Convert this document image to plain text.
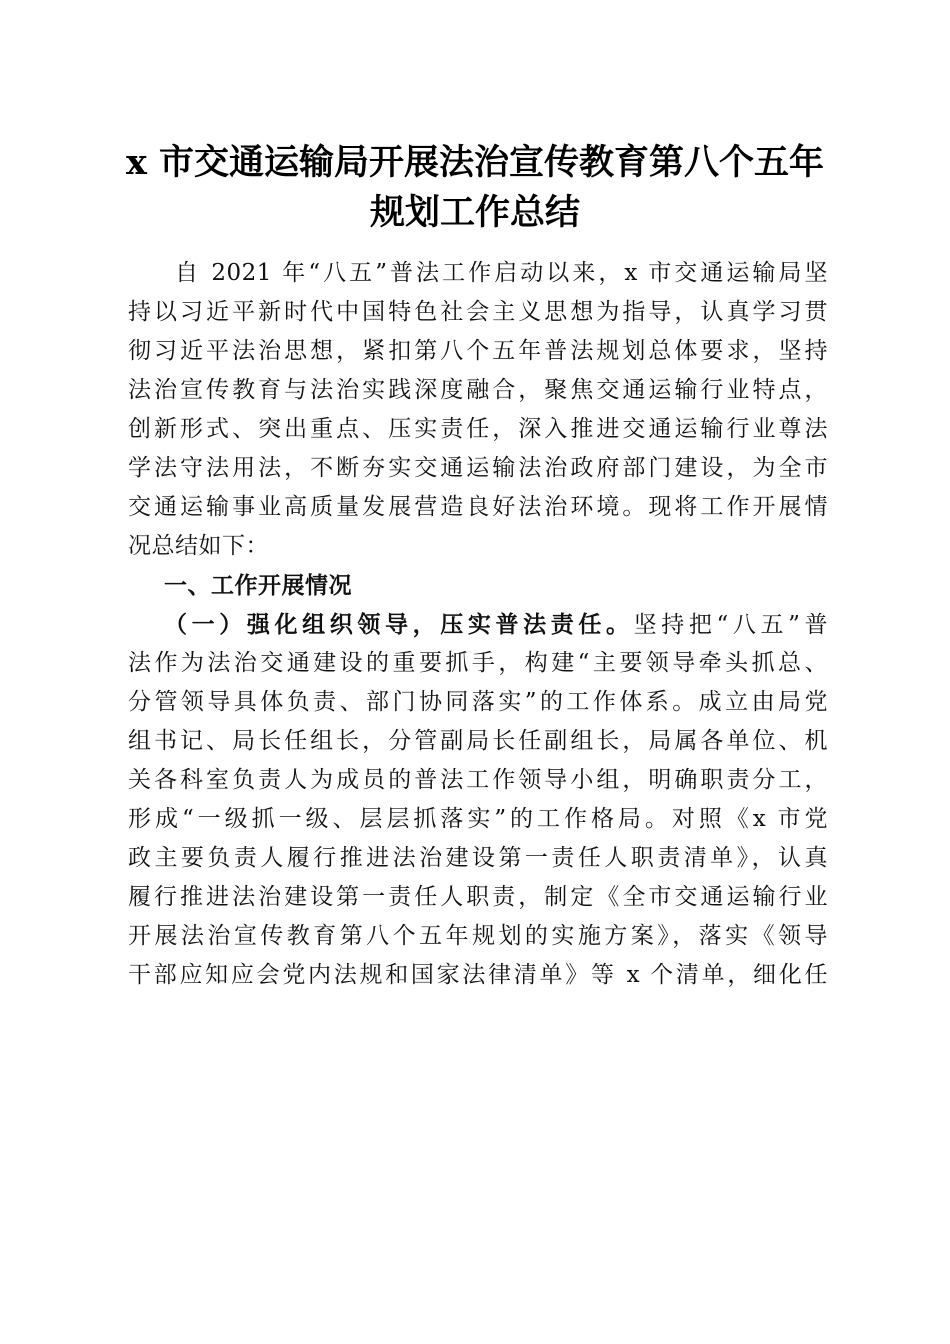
x 市交通运输局开展法治宣传教育第八个五年
规划工作总结
自 2021 年“八五”普法工作启动以来，x 市交通运输局坚
持以习近平新时代中国特色社会主义思想为指导，认真学习贯
彻习近平法治思想，紧扣第八个五年普法规划总体要求，坚持
法治宣传教育与法治实践深度融合，聚焦交通运输行业特点，
创新形式、突出重点、压实责任，深入推进交通运输行业尊法
学法守法用法，不断夯实交通运输法治政府部门建设，为全市
交通运输事业高质量发展营造良好法治环境。现将工作开展情
况总结如下：
一、工作开展情况
（一）强化组织领导，压实普法责任。坚持把“八五”普
法作为法治交通建设的重要抓手，构建“主要领导牵头抓总、
分管领导具体负责、部门协同落实”的工作体系。成立由局党
组书记、局长任组长，分管副局长任副组长，局属各单位、机
关各科室负责人为成员的普法工作领导小组，明确职责分工，
形成“一级抓一级、层层抓落实”的工作格局。对照《x 市党
政主要负责人履行推进法治建设第一责任人职责清单》，认真
履行推进法治建设第一责任人职责，制定《全市交通运输行业
开展法治宣传教育第八个五年规划的实施方案》，落实《领导
干部应知应会党内法规和国家法律清单》等 x 个清单，细化任
